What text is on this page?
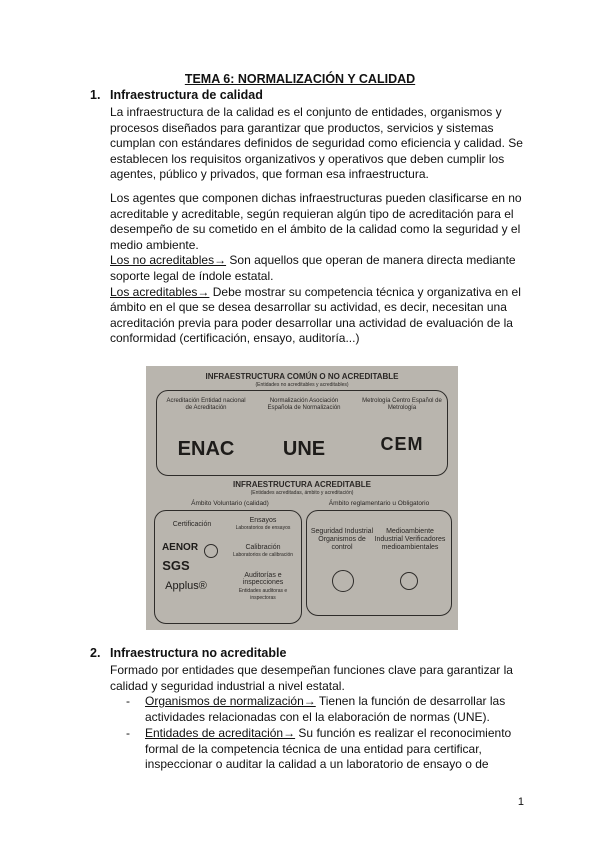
TEMA 6: NORMALIZACIÓN Y CALIDAD
1. Infraestructura de calidad
La infraestructura de la calidad es el conjunto de entidades, organismos y procesos diseñados para garantizar que productos, servicios y sistemas cumplan con estándares definidos de seguridad como eficiencia y calidad. Se establecen los requisitos organizativos y operativos que deben cumplir los agentes, público y privados, que forman esa infraestructura.
Los agentes que componen dichas infraestructuras pueden clasificarse en no acreditable y acreditable, según requieran algún tipo de acreditación para el desempeño de su cometido en el ámbito de la calidad como la seguridad y el medio ambiente.
Los no acreditables→ Son aquellos que operan de manera directa mediante soporte legal de índole estatal.
Los acreditables→ Debe mostrar su competencia técnica y organizativa en el ámbito en el que se desea desarrollar su actividad, es decir, necesitan una acreditación previa para poder desarrollar una actividad de evaluación de la conformidad (certificación, ensayo, auditoría...)
INFRAESTRUCTURA COMÚN O NO ACREDITABLE
(Entidades no acreditables y acreditables)
Acreditación Entidad nacional de Acreditación
Normalización Asociación Española de Normalización
Metrología Centro Español de Metrología
ENAC	UNE	CEM
INFRAESTRUCTURA ACREDITABLE
(Entidades acreditadas, ámbito y acreditación)
Ámbito Voluntario (calidad)	Ámbito reglamentario u Obligatorio
Certificación
Ensayos
Laboratorios de ensayos
AENOR
SGS
Calibración
Laboratorios de calibración
Applus®
Auditorías e inspecciones
Entidades auditoras e inspectoras
Seguridad Industrial Organismos de control
Medioambiente Industrial Verificadores medioambientales
2. Infraestructura no acreditable
Formado por entidades que desempeñan funciones clave para garantizar la calidad y seguridad industrial a nivel estatal.
- Organismos de normalización→ Tienen la función de desarrollar las actividades relacionadas con el la elaboración de normas (UNE).
- Entidades de acreditación→ Su función es realizar el reconocimiento formal de la competencia técnica de una entidad para certificar, inspeccionar o auditar la calidad a un laboratorio de ensayo o de
1
